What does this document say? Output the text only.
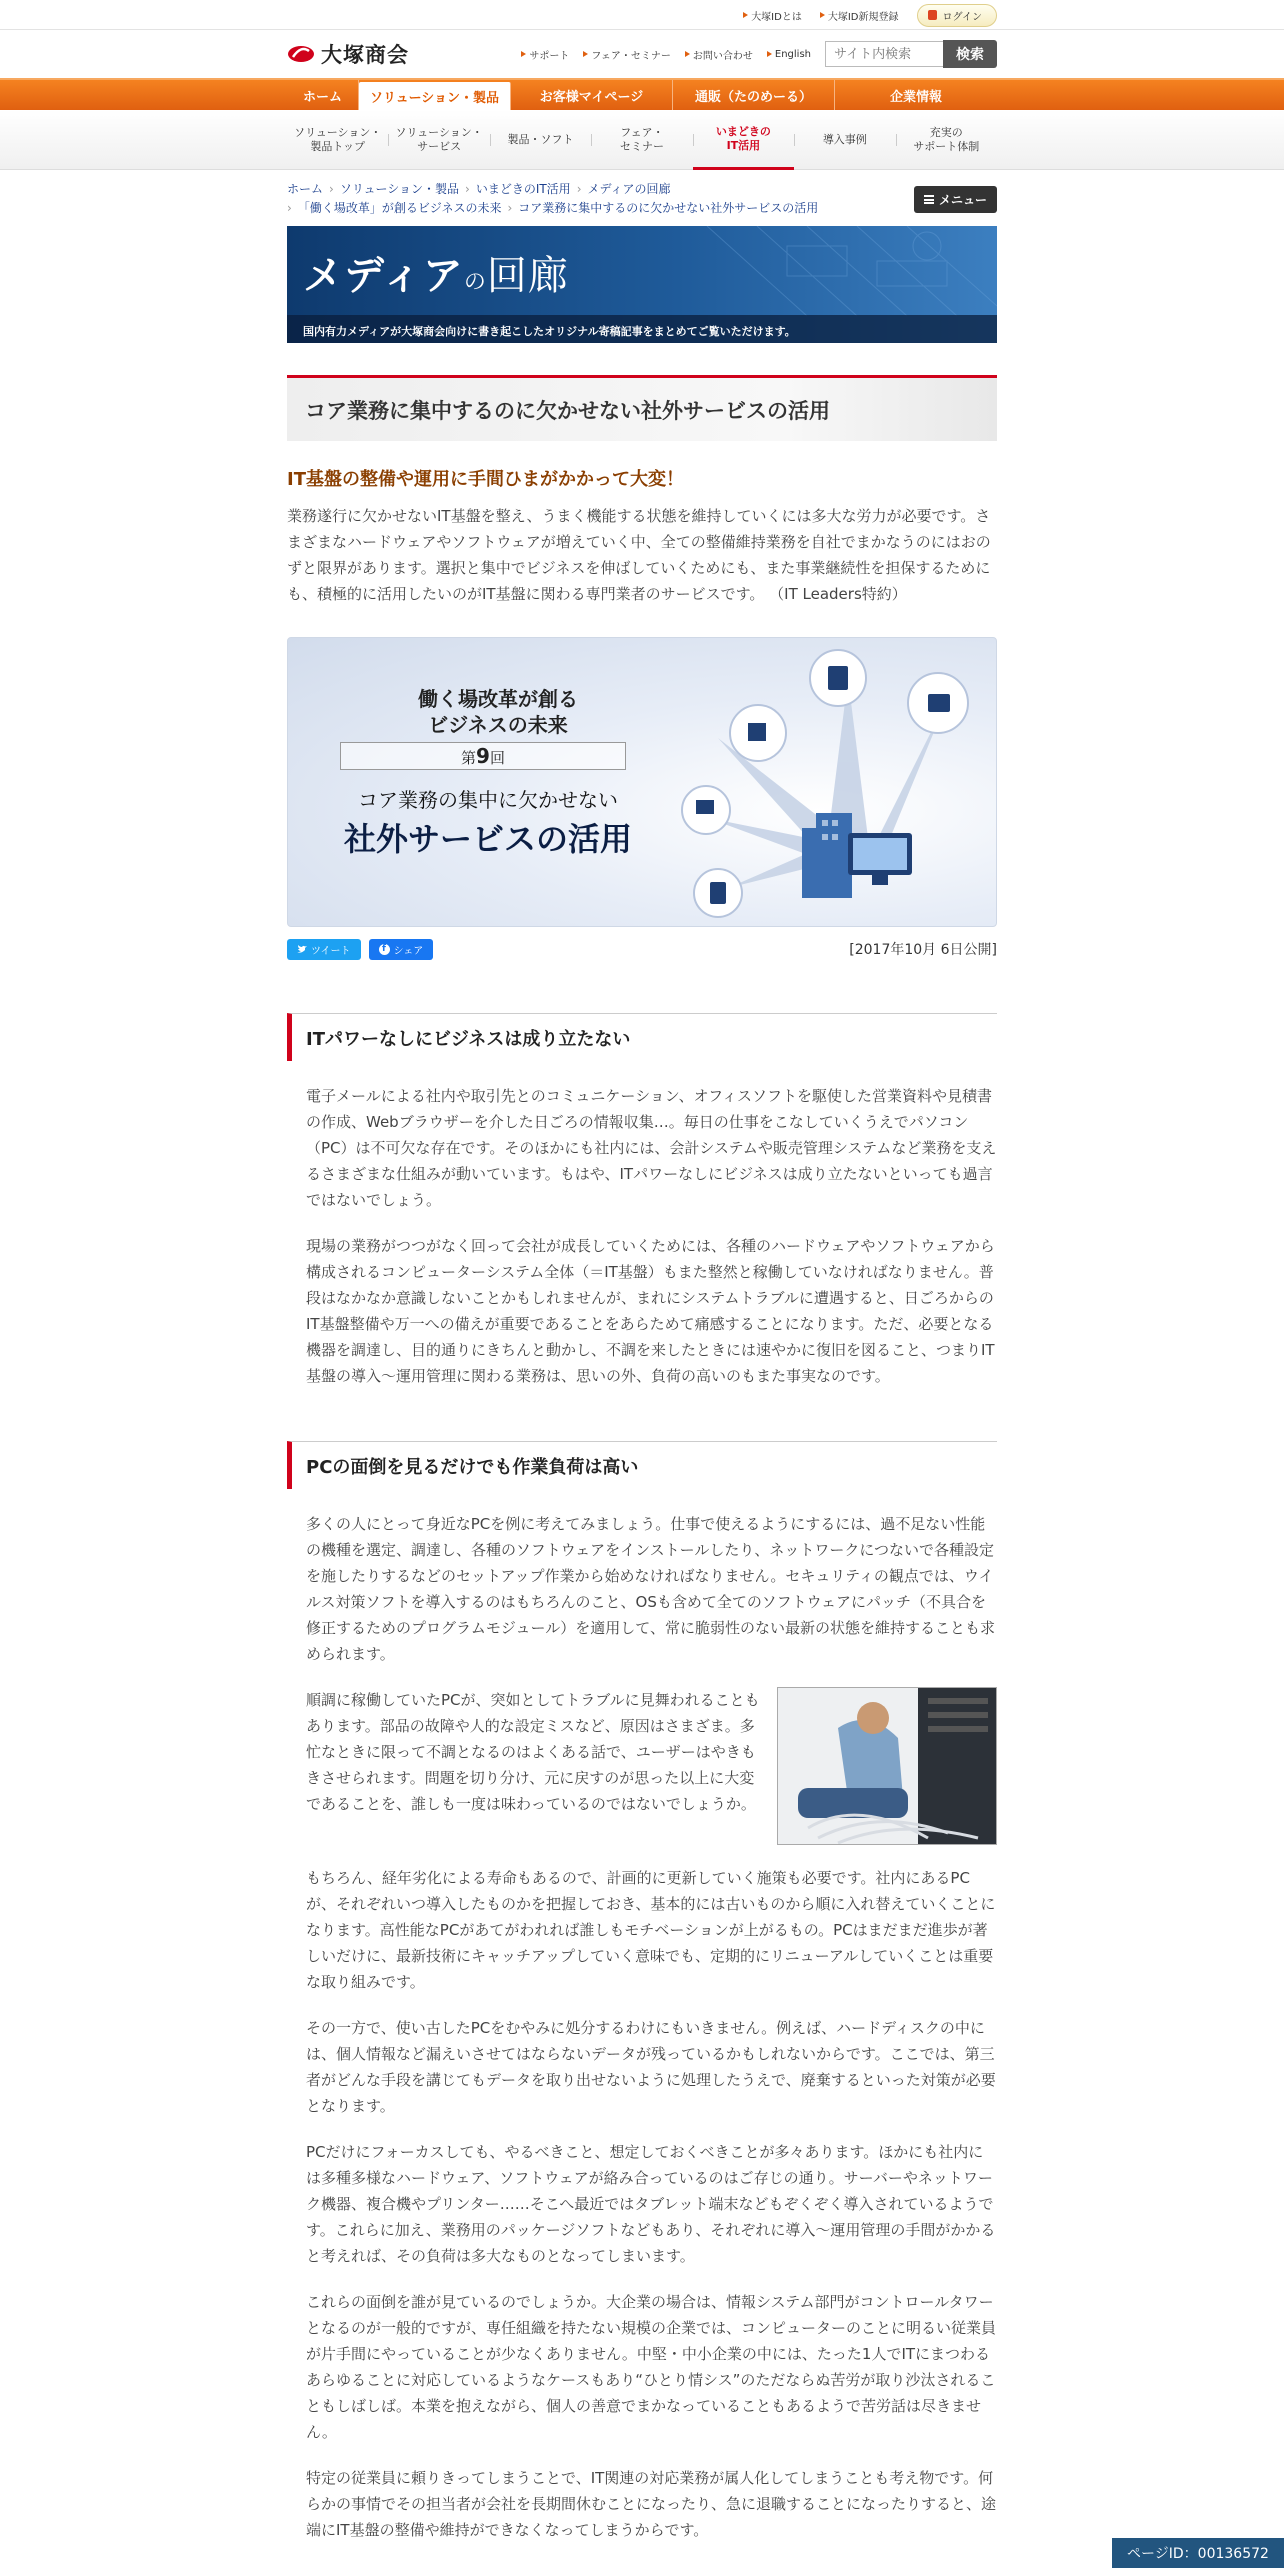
大塚IDとは	大塚ID新規登録	ログイン
大塚商会	サポート フェア・セミナー お問い合わせ English
サイト内検索	検索
ホーム	ソリューション・製品	お客様マイページ	通販（たのめーる）	企業情報
ソリューション・
製品トップ
ソリューション・
サービス
製品・ソフト
フェア・
セミナー
いまどきの
IT活用	導入事例
充実の
サポート体制
ホーム › ソリューション・製品 › いまどきのIT活用 › メディアの回廊
› 「働く場改革」が創るビジネスの未来 › コア業務に集中するのに欠かせない社外サービスの活用
メニュー
メディアの回廊
国内有力メディアが大塚商会向けに書き起こしたオリジナル寄稿記事をまとめてご覧いただけます。
コア業務に集中するのに欠かせない社外サービスの活用
IT基盤の整備や運用に手間ひまがかかって大変！

業務遂行に欠かせないIT基盤を整え、うまく機能する状態を維持していくには多大な労力が必要です。さまざまなハードウェアやソフトウェアが増えていく中、全ての整備維持業務を自社でまかなうのにはおのずと限界があります。選択と集中でビジネスを伸ばしていくためにも、また事業継続性を担保するためにも、積極的に活用したいのがIT基盤に関わる専門業者のサービスです。 （IT Leaders特約）

働く場改革が創る
ビジネスの未来
第9回
コア業務の集中に欠かせない
社外サービスの活用
ツイート	f シェア	[2017年10月 6日公開]
ITパワーなしにビジネスは成り立たない

電子メールによる社内や取引先とのコミュニケーション、オフィスソフトを駆使した営業資料や見積書の作成、Webブラウザーを介した日ごろの情報収集…。毎日の仕事をこなしていくうえでパソコン（PC）は不可欠な存在です。そのほかにも社内には、会計システムや販売管理システムなど業務を支えるさまざまな仕組みが動いています。もはや、ITパワーなしにビジネスは成り立たないといっても過言ではないでしょう。

現場の業務がつつがなく回って会社が成長していくためには、各種のハードウェアやソフトウェアから構成されるコンピューターシステム全体（＝IT基盤）もまた整然と稼働していなければなりません。普段はなかなか意識しないことかもしれませんが、まれにシステムトラブルに遭遇すると、日ごろからのIT基盤整備や万一への備えが重要であることをあらためて痛感することになります。ただ、必要となる機器を調達し、目的通りにきちんと動かし、不調を来したときには速やかに復旧を図ること、つまりIT基盤の導入～運用管理に関わる業務は、思いの外、負荷の高いのもまた事実なのです。

PCの面倒を見るだけでも作業負荷は高い

多くの人にとって身近なPCを例に考えてみましょう。仕事で使えるようにするには、過不足ない性能の機種を選定、調達し、各種のソフトウェアをインストールしたり、ネットワークにつないで各種設定を施したりするなどのセットアップ作業から始めなければなりません。セキュリティの観点では、ウイルス対策ソフトを導入するのはもちろんのこと、OSも含めて全てのソフトウェアにパッチ（不具合を修正するためのプログラムモジュール）を適用して、常に脆弱性のない最新の状態を維持することも求められます。

順調に稼働していたPCが、突如としてトラブルに見舞われることもあります。部品の故障や人的な設定ミスなど、原因はさまざま。多忙なときに限って不調となるのはよくある話で、ユーザーはやきもきさせられます。問題を切り分け、元に戻すのが思った以上に大変であることを、誰しも一度は味わっているのではないでしょうか。

もちろん、経年劣化による寿命もあるので、計画的に更新していく施策も必要です。社内にあるPCが、それぞれいつ導入したものかを把握しておき、基本的には古いものから順に入れ替えていくことになります。高性能なPCがあてがわれれば誰しもモチベーションが上がるもの。PCはまだまだ進歩が著しいだけに、最新技術にキャッチアップしていく意味でも、定期的にリニューアルしていくことは重要な取り組みです。

その一方で、使い古したPCをむやみに処分するわけにもいきません。例えば、ハードディスクの中には、個人情報など漏えいさせてはならないデータが残っているかもしれないからです。ここでは、第三者がどんな手段を講じてもデータを取り出せないように処理したうえで、廃棄するといった対策が必要となります。

PCだけにフォーカスしても、やるべきこと、想定しておくべきことが多々あります。ほかにも社内には多種多様なハードウェア、ソフトウェアが絡み合っているのはご存じの通り。サーバーやネットワーク機器、複合機やプリンター……そこへ最近ではタブレット端末などもぞくぞく導入されているようです。これらに加え、業務用のパッケージソフトなどもあり、それぞれに導入～運用管理の手間がかかると考えれば、その負荷は多大なものとなってしまいます。

これらの面倒を誰が見ているのでしょうか。大企業の場合は、情報システム部門がコントロールタワーとなるのが一般的ですが、専任組織を持たない規模の企業では、コンピューターのことに明るい従業員が片手間にやっていることが少なくありません。中堅・中小企業の中には、たった1人でITにまつわるあらゆることに対応しているようなケースもあり“ひとり情シス”のただならぬ苦労が取り沙汰されることもしばしば。本業を抱えながら、個人の善意でまかなっていることもあるようで苦労話は尽きません。

特定の従業員に頼りきってしまうことで、IT関連の対応業務が属人化してしまうことも考え物です。何らかの事情でその担当者が会社を長期間休むことになったり、急に退職することになったりすると、途端にIT基盤の整備や維持ができなくなってしまうからです。

ページID：00136572
